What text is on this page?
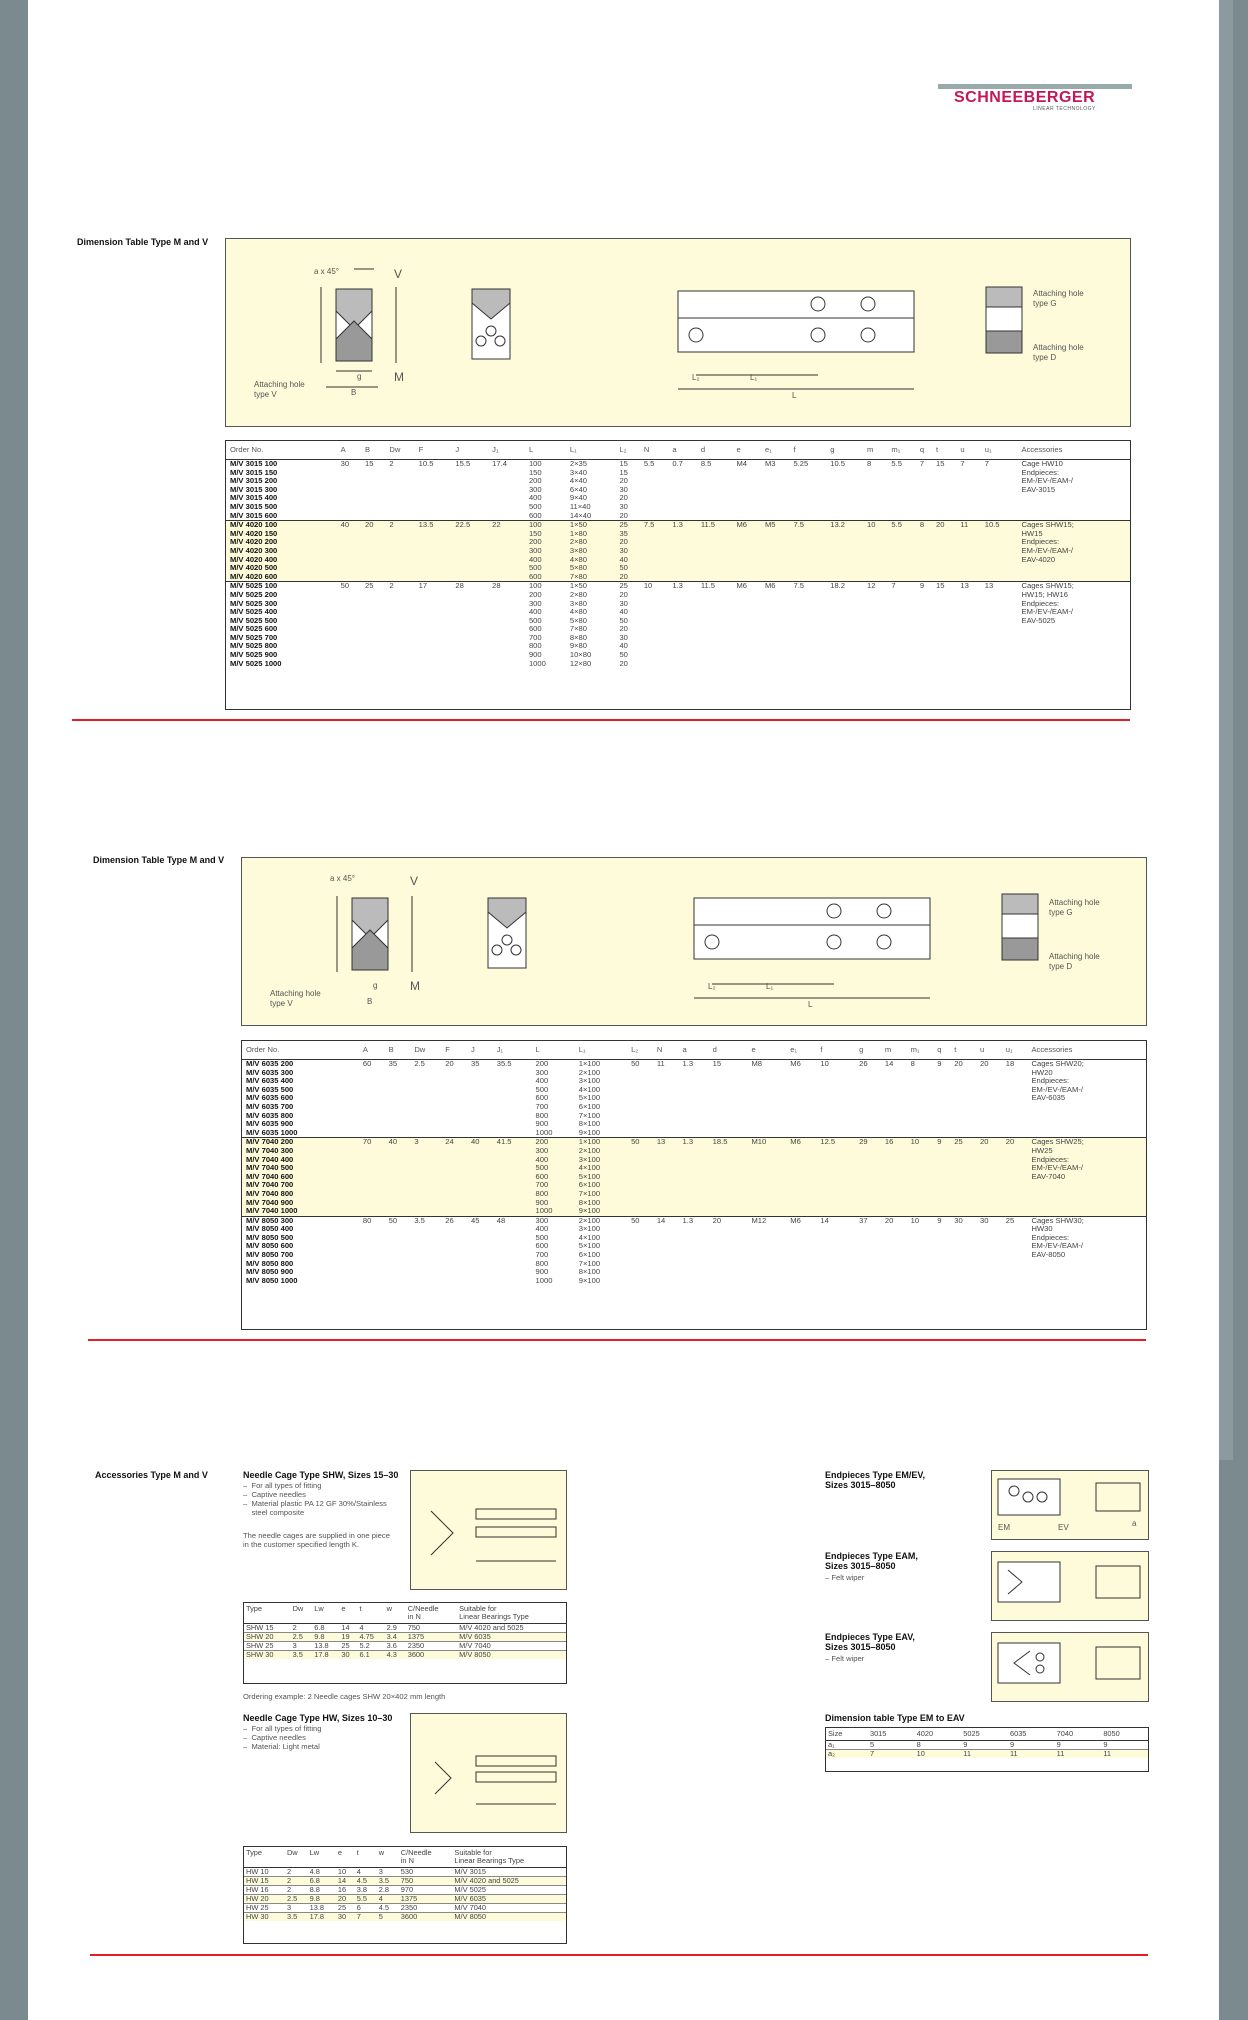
SCHNEEBERGER
LINEAR TECHNOLOGY
Dimension Table Type M and V
a x 45°	V
M
Attaching hole
type V
Attaching hole
type G
Attaching hole
type D
L
L₁
L₂
B
g
Order No.	A	B	Dw	F	J	J₁	L	L₁	L₂	N	a	d	e	e₁	f	g	m	m₁	q	t	u	u₁	Accessories
M/V 3015 100	30	15	2	10.5	15.5	17.4	100	2×35	15	5.5	0.7	8.5	M4	M3	5.25	10.5	8	5.5	7	15	7	7	Cage HW10
M/V 3015 150							150	3×40	15														Endpieces:
M/V 3015 200							200	4×40	20														EM-/EV-/EAM-/
M/V 3015 300							300	6×40	30														EAV-3015
M/V 3015 400							400	9×40	20														
M/V 3015 500							500	11×40	30														
M/V 3015 600							600	14×40	20														
M/V 4020 100	40	20	2	13.5	22.5	22	100	1×50	25	7.5	1.3	11.5	M6	M5	7.5	13.2	10	5.5	8	20	11	10.5	Cages SHW15;
M/V 4020 150							150	1×80	35														HW15
M/V 4020 200							200	2×80	20														Endpieces:
M/V 4020 300							300	3×80	30														EM-/EV-/EAM-/
M/V 4020 400							400	4×80	40														EAV-4020
M/V 4020 500							500	5×80	50														
M/V 4020 600							600	7×80	20														
M/V 5025 100	50	25	2	17	28	28	100	1×50	25	10	1.3	11.5	M6	M6	7.5	18.2	12	7	9	15	13	13	Cages SHW15;
M/V 5025 200							200	2×80	20														HW15; HW16
M/V 5025 300							300	3×80	30														Endpieces:
M/V 5025 400							400	4×80	40														EM-/EV-/EAM-/
M/V 5025 500							500	5×80	50														EAV-5025
M/V 5025 600							600	7×80	20														
M/V 5025 700							700	8×80	30														
M/V 5025 800							800	9×80	40														
M/V 5025 900							900	10×80	50														
M/V 5025 1000							1000	12×80	20														
Dimension Table Type M and V
a x 45°	V
M
Attaching hole
type V
Attaching hole
type G
Attaching hole
type D
L
L₁
L₂
B
g
Order No.	A	B	Dw	F	J	J₁	L	L₁	L₂	N	a	d	e	e₁	f	g	m	m₁	q	t	u	u₁	Accessories
M/V 6035 200	60	35	2.5	20	35	35.5	200	1×100	50	11	1.3	15	M8	M6	10	26	14	8	9	20	20	18	Cages SHW20;
M/V 6035 300							300	2×100															HW20
M/V 6035 400							400	3×100															Endpieces:
M/V 6035 500							500	4×100															EM-/EV-/EAM-/
M/V 6035 600							600	5×100															EAV-6035
M/V 6035 700							700	6×100															
M/V 6035 800							800	7×100															
M/V 6035 900							900	8×100															
M/V 6035 1000							1000	9×100															
M/V 7040 200	70	40	3	24	40	41.5	200	1×100	50	13	1.3	18.5	M10	M6	12.5	29	16	10	9	25	20	20	Cages SHW25;
M/V 7040 300							300	2×100															HW25
M/V 7040 400							400	3×100															Endpieces:
M/V 7040 500							500	4×100															EM-/EV-/EAM-/
M/V 7040 600							600	5×100															EAV-7040
M/V 7040 700							700	6×100															
M/V 7040 800							800	7×100															
M/V 7040 900							900	8×100															
M/V 7040 1000							1000	9×100															
M/V 8050 300	80	50	3.5	26	45	48	300	2×100	50	14	1.3	20	M12	M6	14	37	20	10	9	30	30	25	Cages SHW30;
M/V 8050 400							400	3×100															HW30
M/V 8050 500							500	4×100															Endpieces:
M/V 8050 600							600	5×100															EM-/EV-/EAM-/
M/V 8050 700							700	6×100															EAV-8050
M/V 8050 800							800	7×100															
M/V 8050 900							900	8×100															
M/V 8050 1000							1000	9×100															
Accessories Type M and V	Needle Cage Type SHW, Sizes 15–30
–  For all types of fitting
–  Captive needles
–  Material plastic PA 12 GF 30%/Stainless
steel composite
The needle cages are supplied in one piece
in the customer specified length K.
Type	Dw	Lw	e	t	w	C/Needle
in N	Suitable for
Linear Bearings Type
SHW 15	2	6.8	14	4	2.9	750	M/V 4020 and 5025
SHW 20	2.5	9.8	19	4.75	3.4	1375	M/V 6035
SHW 25	3	13.8	25	5.2	3.6	2350	M/V 7040
SHW 30	3.5	17.8	30	6.1	4.3	3600	M/V 8050
Ordering example: 2 Needle cages SHW 20×402 mm length
Needle Cage Type HW, Sizes 10–30
–  For all types of fitting
–  Captive needles
–  Material: Light metal
Type	Dw	Lw	e	t	w	C/Needle
in N	Suitable for
Linear Bearings Type
HW 10	2	4.8	10	4	3	530	M/V 3015
HW 15	2	6.8	14	4.5	3.5	750	M/V 4020 and 5025
HW 16	2	8.8	16	3.8	2.8	970	M/V 5025
HW 20	2.5	9.8	20	5.5	4	1375	M/V 6035
HW 25	3	13.8	25	6	4.5	2350	M/V 7040
HW 30	3.5	17.8	30	7	5	3600	M/V 8050
Endpieces Type EM/EV,
Sizes 3015–8050
EM	EV	a
Endpieces Type EAM,
Sizes 3015–8050
– Felt wiper
Endpieces Type EAV,
Sizes 3015–8050
– Felt wiper
Dimension table Type EM to EAV
Size	3015	4020	5025	6035	7040	8050
a₁	5	8	9	9	9	9
a₂	7	10	11	11	11	11
